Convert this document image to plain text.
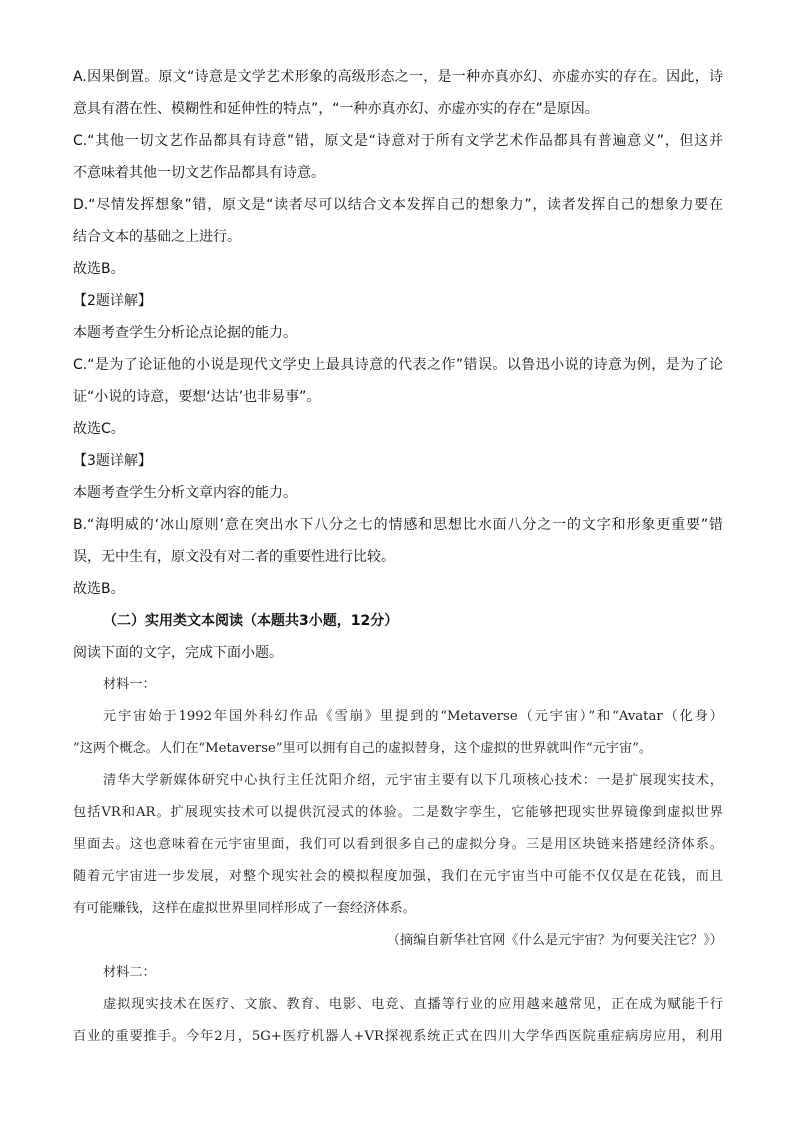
A.因果倒置。原文“诗意是文学艺术形象的高级形态之一，是一种亦真亦幻、亦虚亦实的存在。因此，诗
意具有潜在性、模糊性和延伸性的特点”，“一种亦真亦幻、亦虚亦实的存在”是原因。
C.“其他一切文艺作品都具有诗意”错，原文是“诗意对于所有文学艺术作品都具有普遍意义”，但这并
不意味着其他一切文艺作品都具有诗意。
D.“尽情发挥想象”错，原文是“读者尽可以结合文本发挥自己的想象力”，读者发挥自己的想象力要在
结合文本的基础之上进行。
故选B。
【2题详解】
本题考查学生分析论点论据的能力。
C.“是为了论证他的小说是现代文学史上最具诗意的代表之作”错误。以鲁迅小说的诗意为例，是为了论
证“小说的诗意，要想‘达诂’也非易事”。
故选C。
【3题详解】
本题考查学生分析文章内容的能力。
B.“海明威的‘冰山原则’意在突出水下八分之七的情感和思想比水面八分之一的文字和形象更重要”错
误，无中生有，原文没有对二者的重要性进行比较。
故选B。
（二）实用类文本阅读（本题共3小题，12分）
阅读下面的文字，完成下面小题。
材料一：
元宇宙始于1992年国外科幻作品《雪崩》里提到的“Metaverse（元宇宙）”和“Avatar（化身）
”这两个概念。人们在“Metaverse”里可以拥有自己的虚拟替身，这个虚拟的世界就叫作“元宇宙”。
清华大学新媒体研究中心执行主任沈阳介绍，元宇宙主要有以下几项核心技术：一是扩展现实技术，
包括VR和AR。扩展现实技术可以提供沉浸式的体验。二是数字孪生，它能够把现实世界镜像到虚拟世界
里面去。这也意味着在元宇宙里面，我们可以看到很多自己的虚拟分身。三是用区块链来搭建经济体系。
随着元宇宙进一步发展，对整个现实社会的模拟程度加强，我们在元宇宙当中可能不仅仅是在花钱，而且
有可能赚钱，这样在虚拟世界里同样形成了一套经济体系。
（摘编自新华社官网《什么是元宇宙？为何要关注它？》）
材料二：
虚拟现实技术在医疗、文旅、教育、电影、电竞、直播等行业的应用越来越常见，正在成为赋能千行
百业的重要推手。今年2月，5G+医疗机器人+VR探视系统正式在四川大学华西医院重症病房应用，利用
